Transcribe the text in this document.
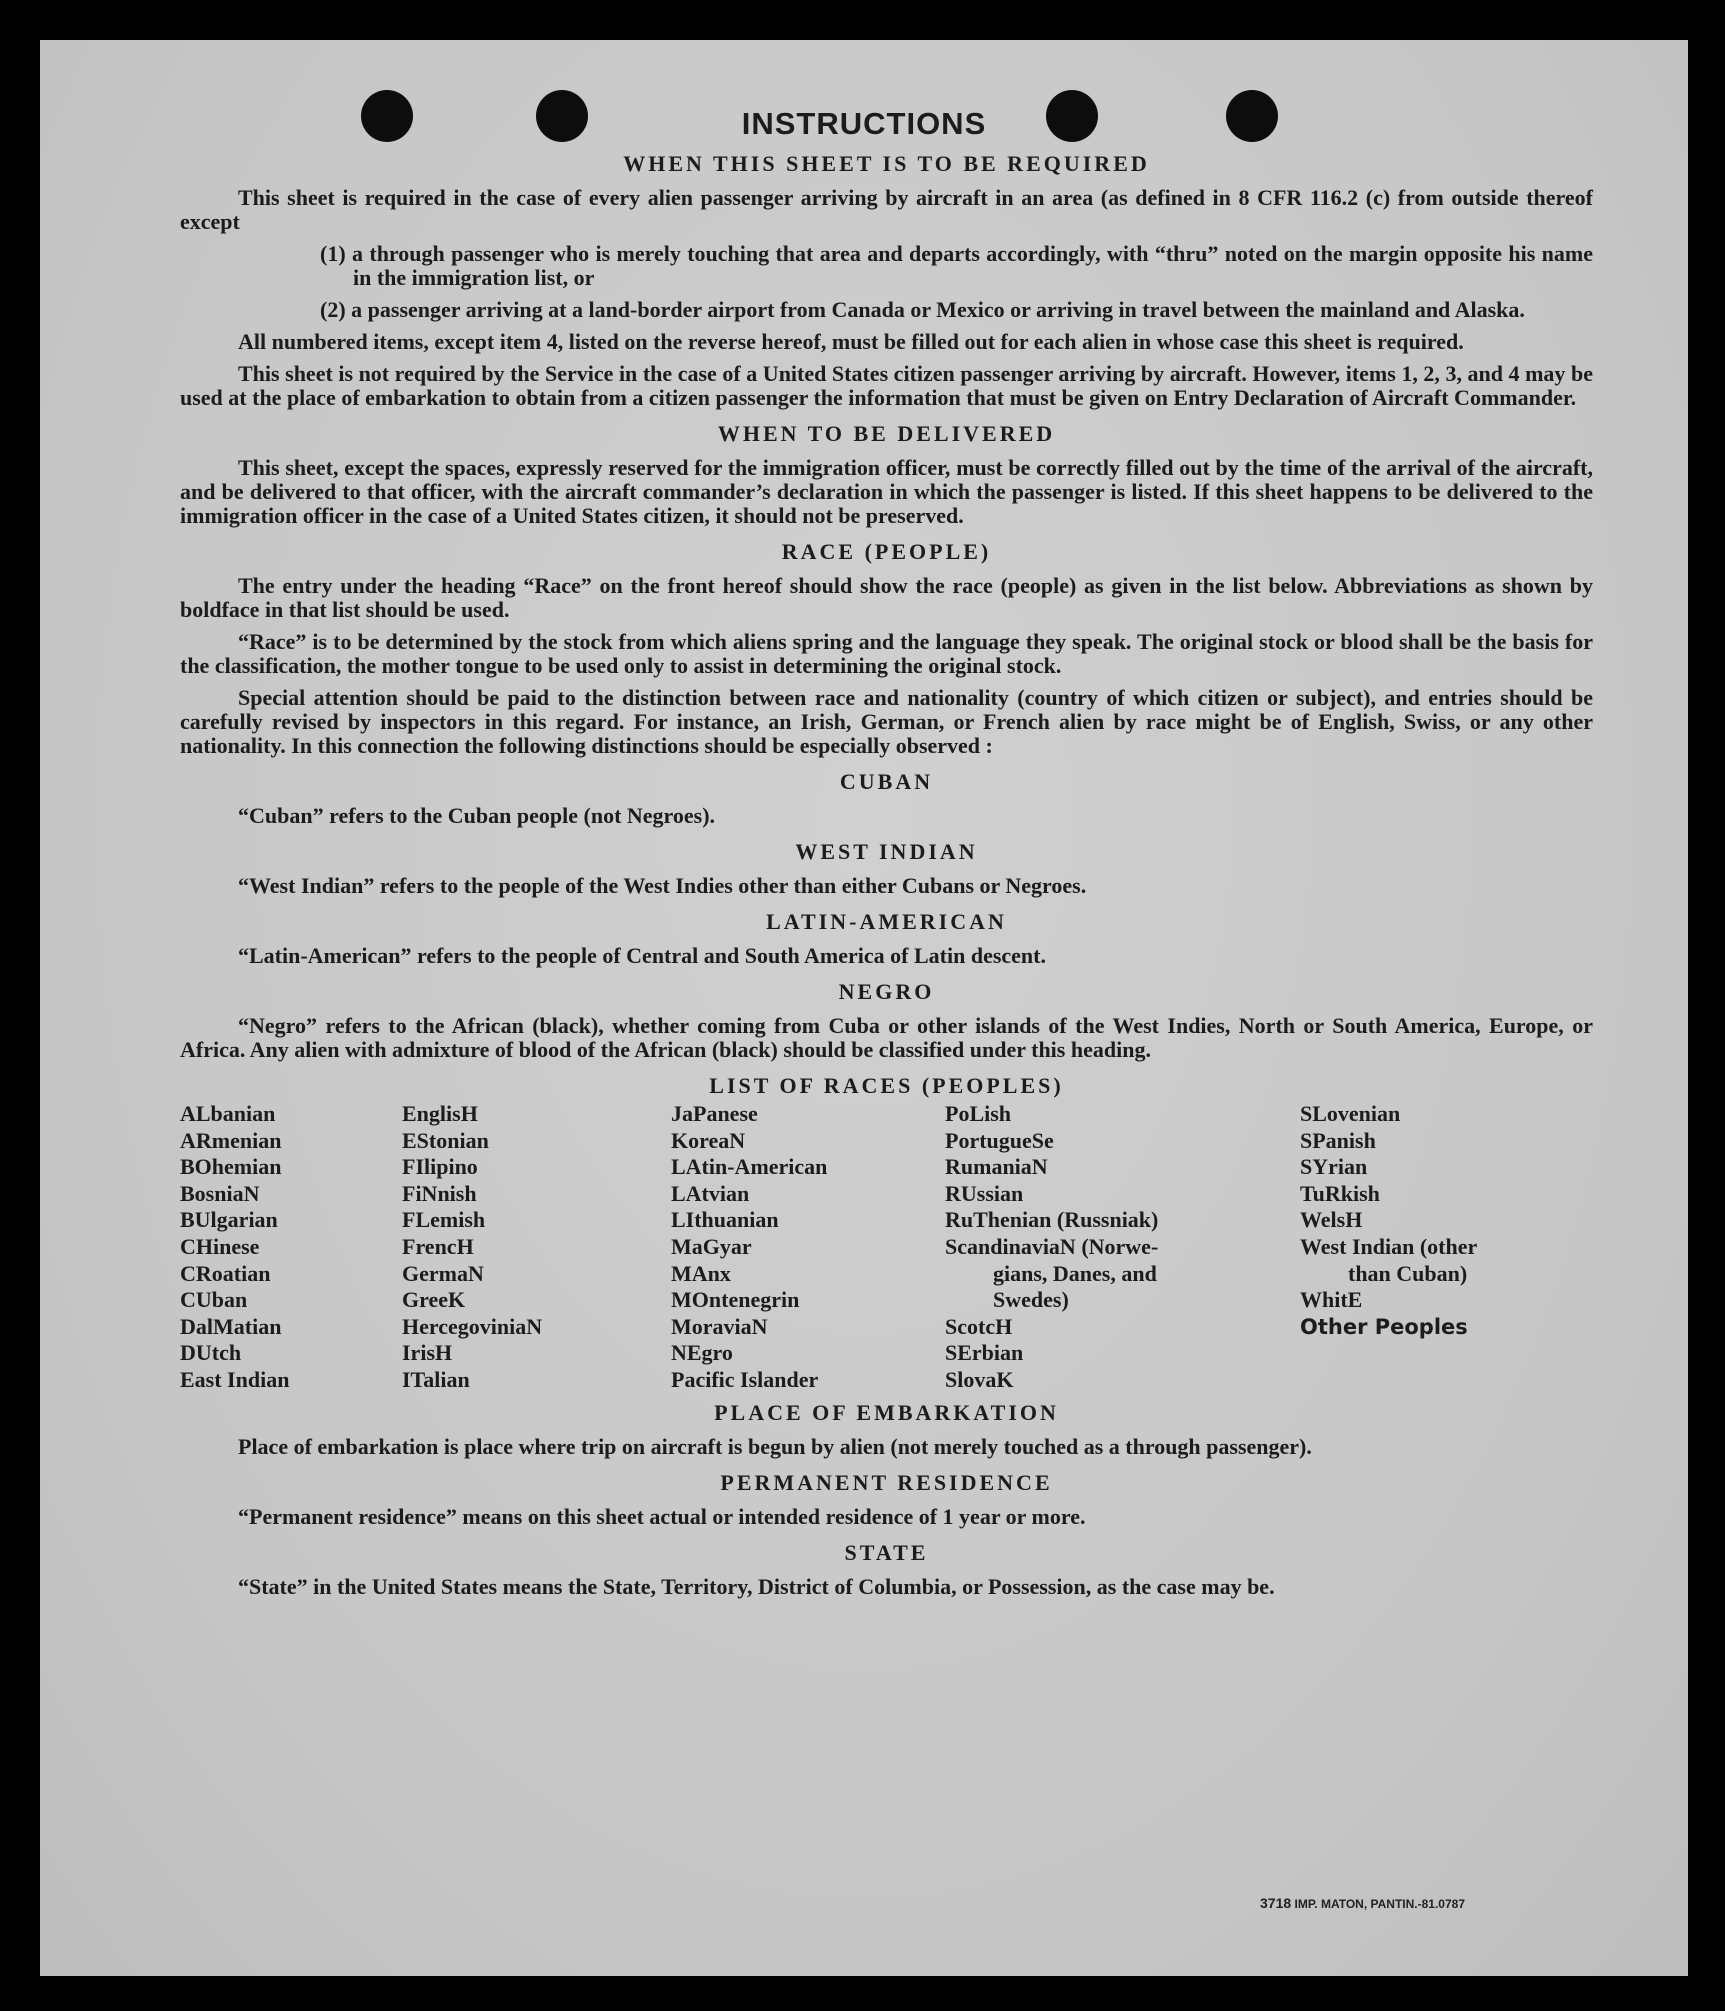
INSTRUCTIONS
WHEN THIS SHEET IS TO BE REQUIRED
This sheet is required in the case of every alien passenger arriving by aircraft in an area (as defined in 8 CFR 116.2 (c) from outside thereof except
(1) a through passenger who is merely touching that area and departs accordingly, with “thru” noted on the margin opposite his name in the immigration list, or
(2) a passenger arriving at a land-border airport from Canada or Mexico or arriving in travel between the mainland and Alaska.
All numbered items, except item 4, listed on the reverse hereof, must be filled out for each alien in whose case this sheet is required.
This sheet is not required by the Service in the case of a United States citizen passenger arriving by aircraft. However, items 1, 2, 3, and 4 may be used at the place of embarkation to obtain from a citizen passenger the information that must be given on Entry Declaration of Aircraft Commander.
WHEN TO BE DELIVERED
This sheet, except the spaces, expressly reserved for the immigration officer, must be correctly filled out by the time of the arrival of the aircraft, and be delivered to that officer, with the aircraft commander’s declaration in which the passenger is listed. If this sheet happens to be delivered to the immigration officer in the case of a United States citizen, it should not be preserved.
RACE (PEOPLE)
The entry under the heading “Race” on the front hereof should show the race (people) as given in the list below. Abbreviations as shown by boldface in that list should be used.
“Race” is to be determined by the stock from which aliens spring and the language they speak. The original stock or blood shall be the basis for the classification, the mother tongue to be used only to assist in determining the original stock.
Special attention should be paid to the distinction between race and nationality (country of which citizen or subject), and entries should be carefully revised by inspectors in this regard. For instance, an Irish, German, or French alien by race might be of English, Swiss, or any other nationality. In this connection the following distinctions should be especially observed :
CUBAN
“Cuban” refers to the Cuban people (not Negroes).
WEST INDIAN
“West Indian” refers to the people of the West Indies other than either Cubans or Negroes.
LATIN-AMERICAN
“Latin-American” refers to the people of Central and South America of Latin descent.
NEGRO
“Negro” refers to the African (black), whether coming from Cuba or other islands of the West Indies, North or South America, Europe, or Africa. Any alien with admixture of blood of the African (black) should be classified under this heading.
LIST OF RACES (PEOPLES)
ALbanian
ARmenian
BOhemian
BosniaN
BUlgarian
CHinese
CRoatian
CUban
DalMatian
DUtch
East Indian
EnglisH
EStonian
FIlipino
FiNnish
FLemish
FrencH
GermaN
GreeK
HercegoviniaN
IrisH
ITalian
JaPanese
KoreaN
LAtin-American
LAtvian
LIthuanian
MaGyar
MAnx
MOntenegrin
MoraviaN
NEgro
Pacific Islander
PoLish
PortugueSe
RumaniaN
RUssian
RuThenian (Russniak)
ScandinaviaN (Norwe-
gians, Danes, and
Swedes)
ScotcH
SErbian
SlovaK
SLovenian
SPanish
SYrian
TuRkish
WelsH
West Indian (other
than Cuban)
WhitE
Other Peoples
PLACE OF EMBARKATION
Place of embarkation is place where trip on aircraft is begun by alien (not merely touched as a through passenger).
PERMANENT RESIDENCE
“Permanent residence” means on this sheet actual or intended residence of 1 year or more.
STATE
“State” in the United States means the State, Territory, District of Columbia, or Possession, as the case may be.
3718 IMP. MATON, PANTIN.-81.0787
